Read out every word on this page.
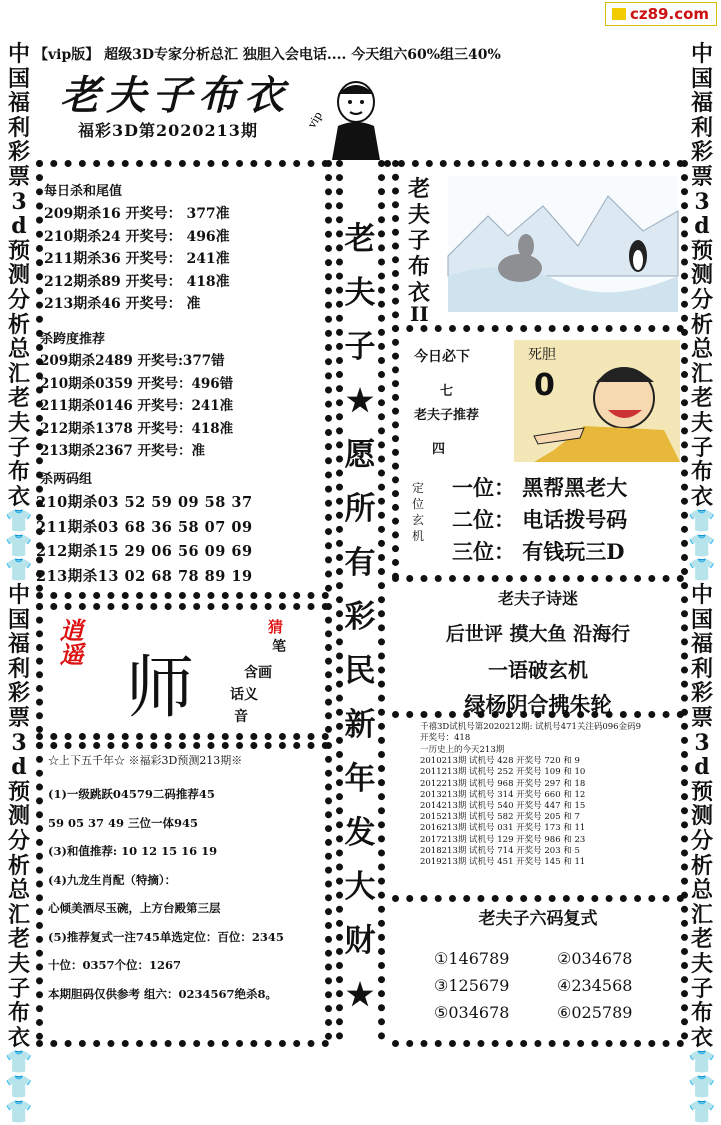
cz89.com
【vip版】 超级3D专家分析总汇 独胆入会电话.... 今天组六60%组三40%
老夫子布衣
福彩3D第2020213期
vip
中
国
福
利
彩
票
3
d
预
测
分
析
总
汇
老
夫
子
布
衣
👕
👕
👕
中
国
福
利
彩
票
3
d
预
测
分
析
总
汇
老
夫
子
布
衣
👕
👕
👕
中
国
福
利
彩
票
3
d
预
测
分
析
总
汇
老
夫
子
布
衣
👕
👕
👕
中
国
福
利
彩
票
3
d
预
测
分
析
总
汇
老
夫
子
布
衣
👕
👕
👕
每日杀和尾值
209期杀16 开奖号： 377准
210期杀24 开奖号： 496准
211期杀36 开奖号： 241准
212期杀89 开奖号： 418准
213期杀46 开奖号： 准
杀跨度推荐
209期杀2489 开奖号:377错
210期杀0359 开奖号：496错
211期杀0146 开奖号：241准
212期杀1378 开奖号：418准
213期杀2367 开奖号：准
杀两码组
210期杀03 52 59 09 58 37
211期杀03 68 36 58 07 09
212期杀15 29 06 56 09 69
213期杀13 02 68 78 89 19
逍遥
师
猜
笔
含画
话义
音
☆上下五千年☆ ※福彩3D预测213期※
(1)一级跳跃04579二码推荐45
59 05 37 49 三位一体945
(3)和值推荐: 10 12 15 16 19
(4)九龙生肖配（特摘）：
心倾美酒尽玉碗，上方台殿第三层
(5)推荐复式一注745单选定位：百位：2345
十位：0357个位：1267
本期胆码仅供参考 组六：0234567绝杀8。
老
夫
子
★
愿
所
有
彩
民
新
年
发
大
财
★
老
夫
子
布
衣
II
今日必下
七
老夫子推荐
四
死胆
0
定
位
玄
机
一位： 黑帮黑老大
二位： 电话拨号码
三位： 有钱玩三D
老夫子诗迷
后世评 摸大鱼 沿海行
一语破玄机
绿杨阴合拂朱轮
千禧3D试机号第2020212期: 试机号471关注码096金码9
开奖号：418
一历史上的今天213期
2010213期 试机号 428 开奖号 720 和 9
2011213期 试机号 252 开奖号 109 和 10
2012213期 试机号 968 开奖号 297 和 18
2013213期 试机号 314 开奖号 660 和 12
2014213期 试机号 540 开奖号 447 和 15
2015213期 试机号 582 开奖号 205 和 7
2016213期 试机号 031 开奖号 173 和 11
2017213期 试机号 129 开奖号 986 和 23
2018213期 试机号 714 开奖号 203 和 5
2019213期 试机号 451 开奖号 145 和 11
老夫子六码复式
①146789	②034678
③125679	④234568
⑤034678	⑥025789
